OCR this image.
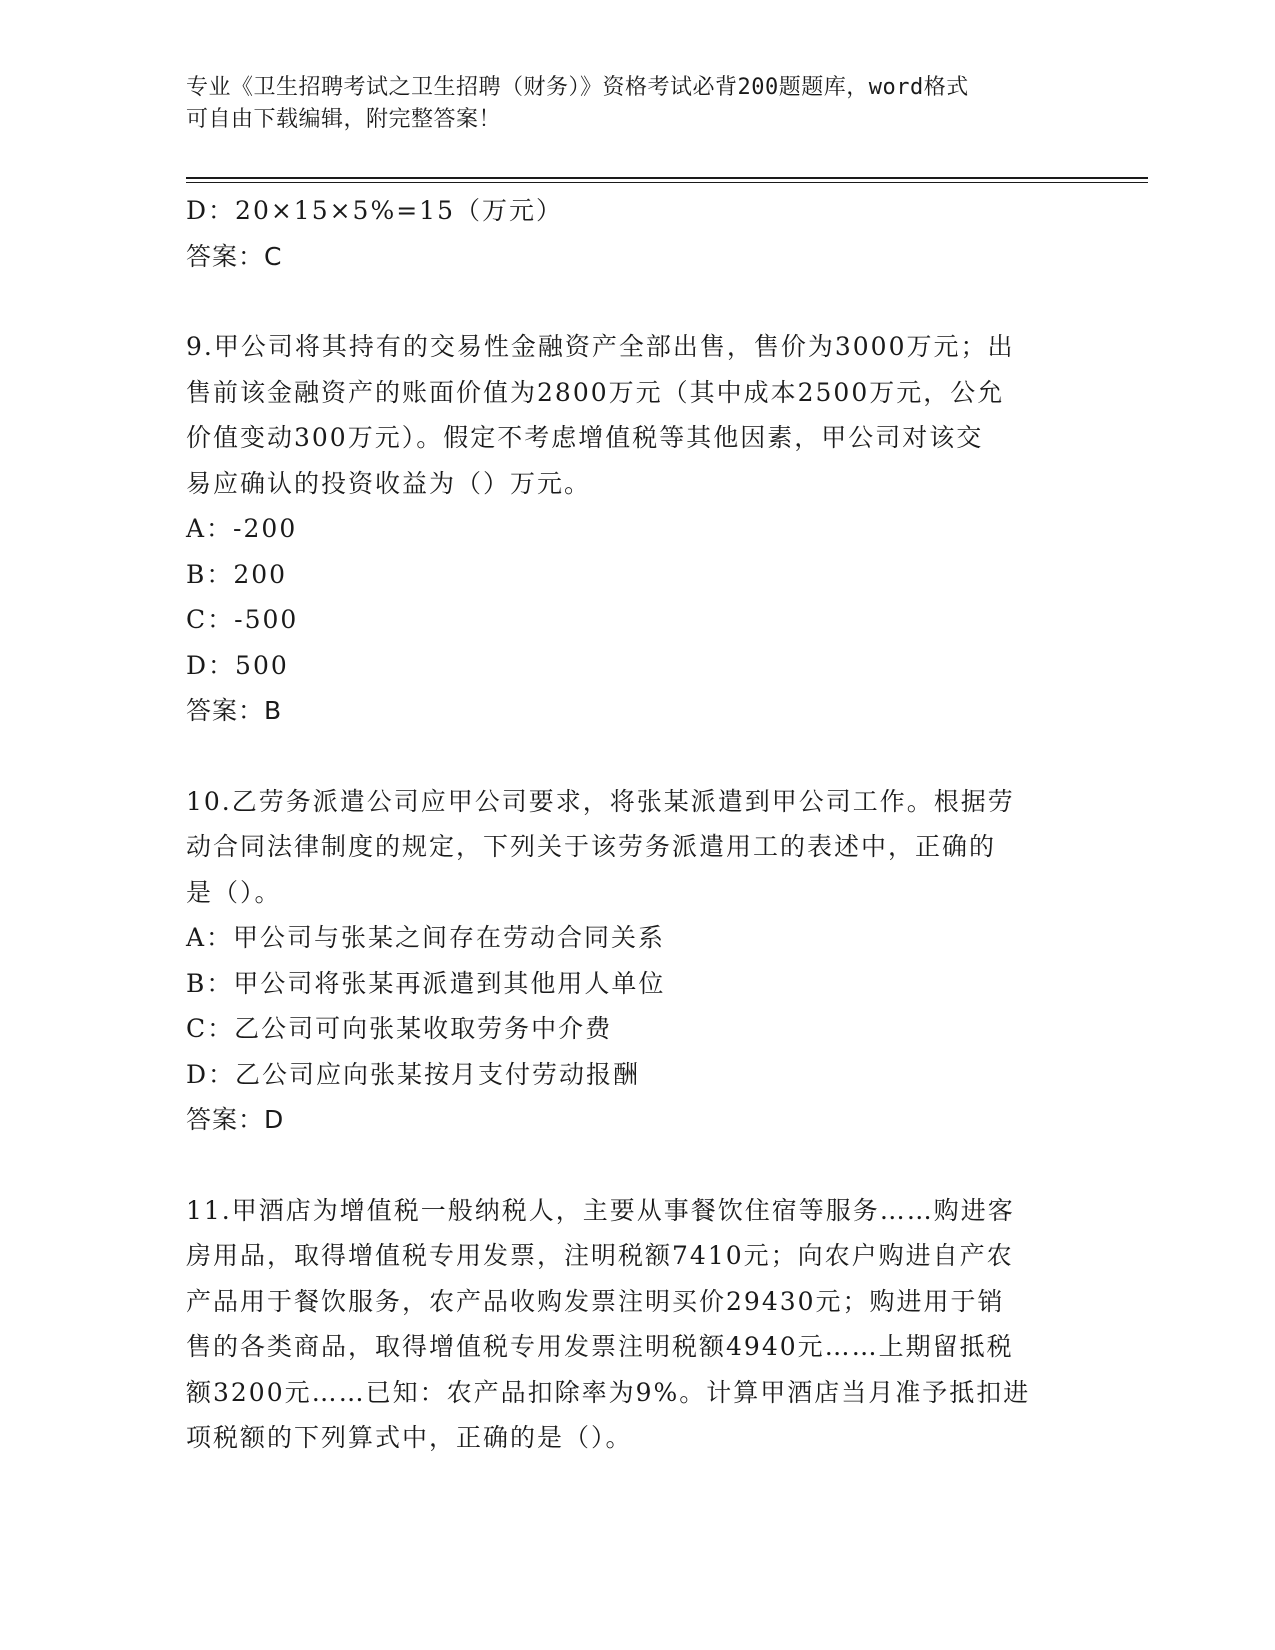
专业《卫生招聘考试之卫生招聘（财务）》资格考试必背200题题库，word格式
可自由下载编辑，附完整答案！
D：20×15×5%=15（万元）
答案：C
9.甲公司将其持有的交易性金融资产全部出售，售价为3000万元；出
售前该金融资产的账面价值为2800万元（其中成本2500万元，公允
价值变动300万元）。假定不考虑增值税等其他因素，甲公司对该交
易应确认的投资收益为（）万元。
A：-200
B：200
C：-500
D：500
答案：B
10.乙劳务派遣公司应甲公司要求，将张某派遣到甲公司工作。根据劳
动合同法律制度的规定，下列关于该劳务派遣用工的表述中，正确的
是（）。
A：甲公司与张某之间存在劳动合同关系
B：甲公司将张某再派遣到其他用人单位
C：乙公司可向张某收取劳务中介费
D：乙公司应向张某按月支付劳动报酬
答案：D
11.甲酒店为增值税一般纳税人，主要从事餐饮住宿等服务……购进客
房用品，取得增值税专用发票，注明税额7410元；向农户购进自产农
产品用于餐饮服务，农产品收购发票注明买价29430元；购进用于销
售的各类商品，取得增值税专用发票注明税额4940元……上期留抵税
额3200元……已知：农产品扣除率为9%。计算甲酒店当月准予抵扣进
项税额的下列算式中，正确的是（）。
